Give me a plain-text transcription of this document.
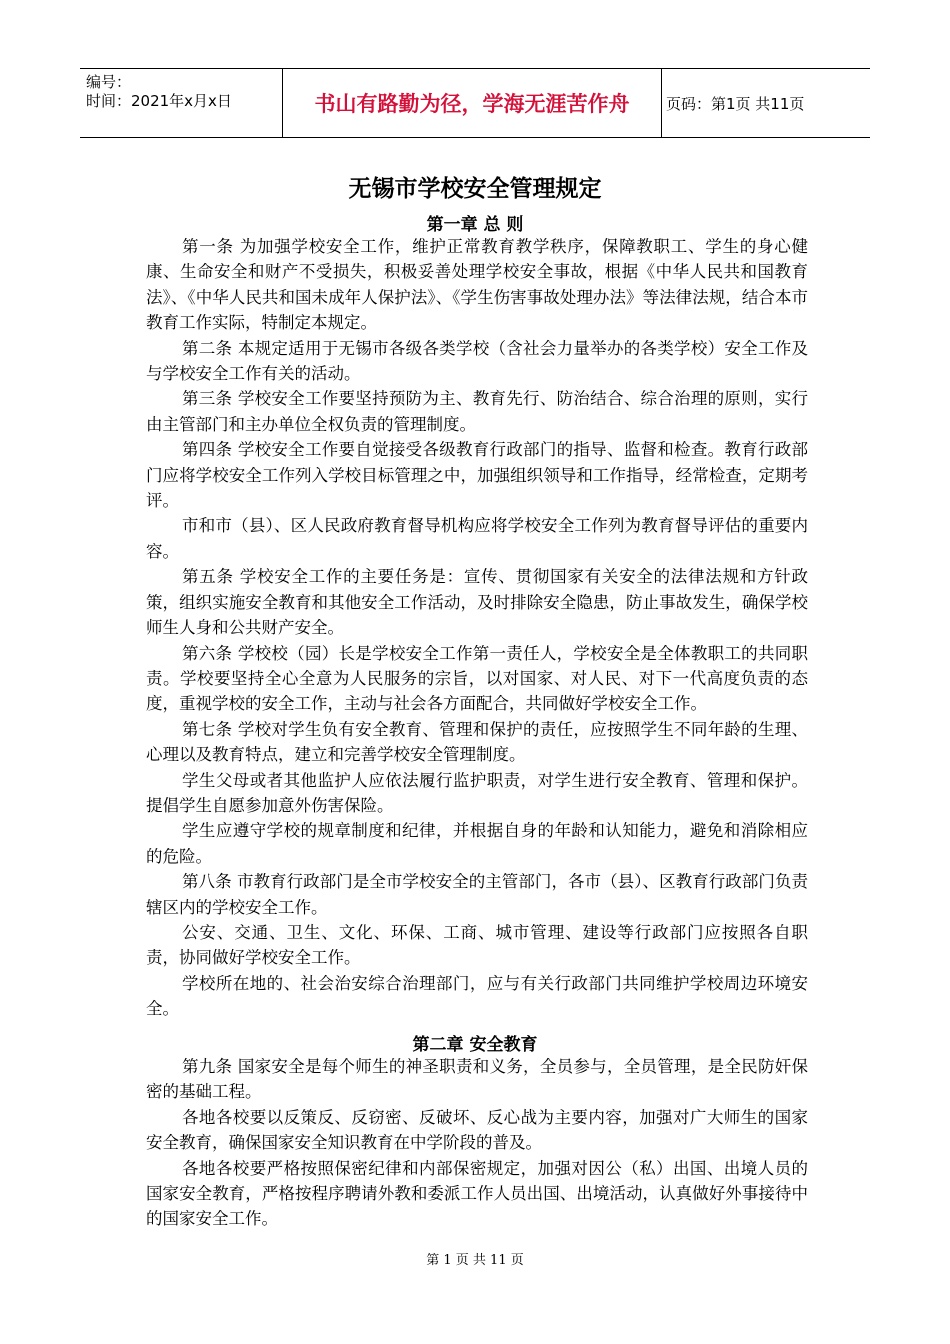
编号：
时间：2021年x月x日	书山有路勤为径，学海无涯苦作舟	页码：第1页 共11页
无锡市学校安全管理规定
第一章 总 则

第一条 为加强学校安全工作，维护正常教育教学秩序，保障教职工、学生的身心健康、生命安全和财产不受损失，积极妥善处理学校安全事故，根据《中华人民共和国教育法》、《中华人民共和国未成年人保护法》、《学生伤害事故处理办法》等法律法规，结合本市教育工作实际，特制定本规定。

第二条 本规定适用于无锡市各级各类学校（含社会力量举办的各类学校）安全工作及与学校安全工作有关的活动。

第三条 学校安全工作要坚持预防为主、教育先行、防治结合、综合治理的原则，实行由主管部门和主办单位全权负责的管理制度。

第四条 学校安全工作要自觉接受各级教育行政部门的指导、监督和检查。教育行政部门应将学校安全工作列入学校目标管理之中，加强组织领导和工作指导，经常检查，定期考评。

市和市（县）、区人民政府教育督导机构应将学校安全工作列为教育督导评估的重要内容。

第五条 学校安全工作的主要任务是：宣传、贯彻国家有关安全的法律法规和方针政策，组织实施安全教育和其他安全工作活动，及时排除安全隐患，防止事故发生，确保学校师生人身和公共财产安全。

第六条 学校校（园）长是学校安全工作第一责任人，学校安全是全体教职工的共同职责。学校要坚持全心全意为人民服务的宗旨，以对国家、对人民、对下一代高度负责的态度，重视学校的安全工作，主动与社会各方面配合，共同做好学校安全工作。

第七条 学校对学生负有安全教育、管理和保护的责任，应按照学生不同年龄的生理、心理以及教育特点，建立和完善学校安全管理制度。

学生父母或者其他监护人应依法履行监护职责，对学生进行安全教育、管理和保护。提倡学生自愿参加意外伤害保险。

学生应遵守学校的规章制度和纪律，并根据自身的年龄和认知能力，避免和消除相应的危险。

第八条 市教育行政部门是全市学校安全的主管部门，各市（县）、区教育行政部门负责辖区内的学校安全工作。

公安、交通、卫生、文化、环保、工商、城市管理、建设等行政部门应按照各自职责，协同做好学校安全工作。

学校所在地的、社会治安综合治理部门，应与有关行政部门共同维护学校周边环境安全。

第二章 安全教育

第九条 国家安全是每个师生的神圣职责和义务，全员参与，全员管理，是全民防奸保密的基础工程。

各地各校要以反策反、反窃密、反破坏、反心战为主要内容，加强对广大师生的国家安全教育，确保国家安全知识教育在中学阶段的普及。

各地各校要严格按照保密纪律和内部保密规定，加强对因公（私）出国、出境人员的国家安全教育，严格按程序聘请外教和委派工作人员出国、出境活动，认真做好外事接待中的国家安全工作。

第 1 页 共 11 页
